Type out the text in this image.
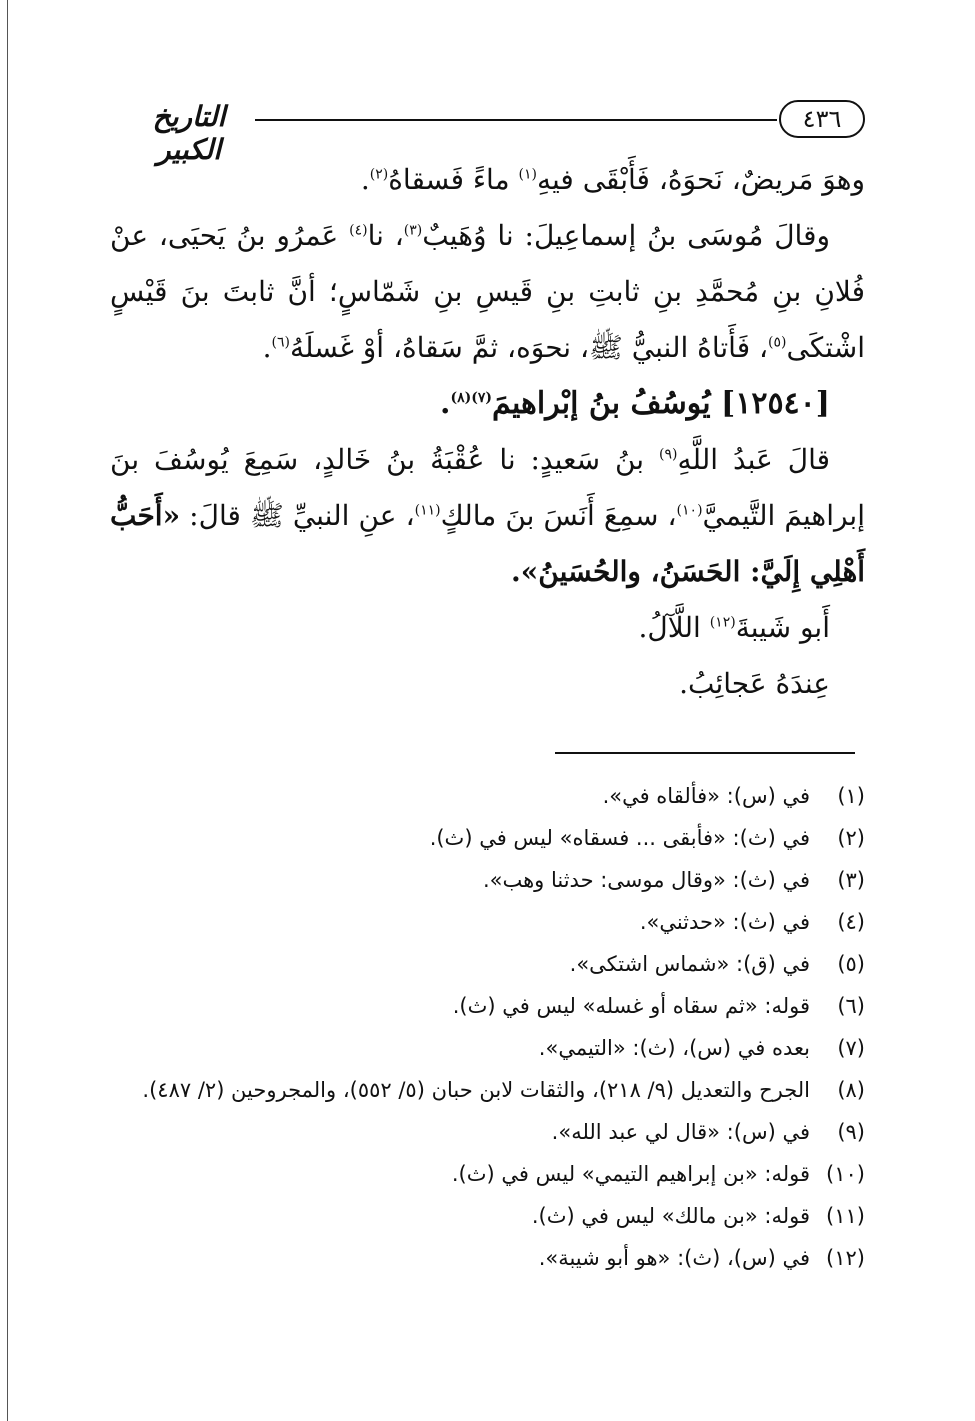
٤٣٦
التاريخ الكبير

وهوَ مَريضٌ، نَحوَهُ، فَأَبْقَى فيهِ$^{(١)}$ ماءً فَسقاهُ$^{(٢)}$.

وقالَ مُوسَى بنُ إسماعِيلَ: نا وُهَيبٌ$^{(٣)}$، نا$^{(٤)}$ عَمرُو بنُ يَحيَى، عنْ فُلانِ بنِ مُحمَّدِ بنِ ثابتِ بنِ قَيسِ بنِ شَمّاسٍ؛ أنَّ ثابتَ بنَ قَيْسٍ اشْتكَى$^{(٥)}$، فَأَتاهُ النبيُّ ﷺ، نحوَه، ثمَّ سَقاهُ، أوْ غَسلَهُ$^{(٦)}$.

[١٢٥٤٠] يُوسُفُ بنُ إبْراهيمَ$^{(٧)(٨)}$.

قالَ عَبدُ اللَّهِ$^{(٩)}$ بنُ سَعيدٍ: نا عُقْبَةُ بنُ خَالدٍ، سَمِعَ يُوسُفَ بنَ إبراهيمَ التَّيميَّ$^{(١٠)}$، سمِعَ أَنَسَ بنَ مالكٍ$^{(١١)}$، عنِ النبيِّ ﷺ قالَ: «أَحَبُّ أَهْلِي إِلَيَّ: الحَسَنُ، والحُسَينُ».

أَبو شَيبةَ$^{(١٢)}$ اللَّآلُ.

عِندَهُ عَجائِبُ.

(١)
في (س): «فألقاه في».
(٢)
في (ث): «فأبقى ... فسقاه» ليس في (ث).
(٣)
في (ث): «وقال موسى: حدثنا وهب».
(٤)
في (ث): «حدثني».
(٥)
في (ق): «شماس اشتكى».
(٦)
قوله: «ثم سقاه أو غسله» ليس في (ث).
(٧)
بعده في (س)، (ث): «التيمي».
(٨)
الجرح والتعديل (٩/ ٢١٨)، والثقات لابن حبان (٥/ ٥٥٢)، والمجروحين (٢/ ٤٨٧).
(٩)
في (س): «قال لي عبد الله».
(١٠)
قوله: «بن إبراهيم التيمي» ليس في (ث).
(١١)
قوله: «بن مالك» ليس في (ث).
(١٢)
في (س)، (ث): «هو أبو شيبة».
